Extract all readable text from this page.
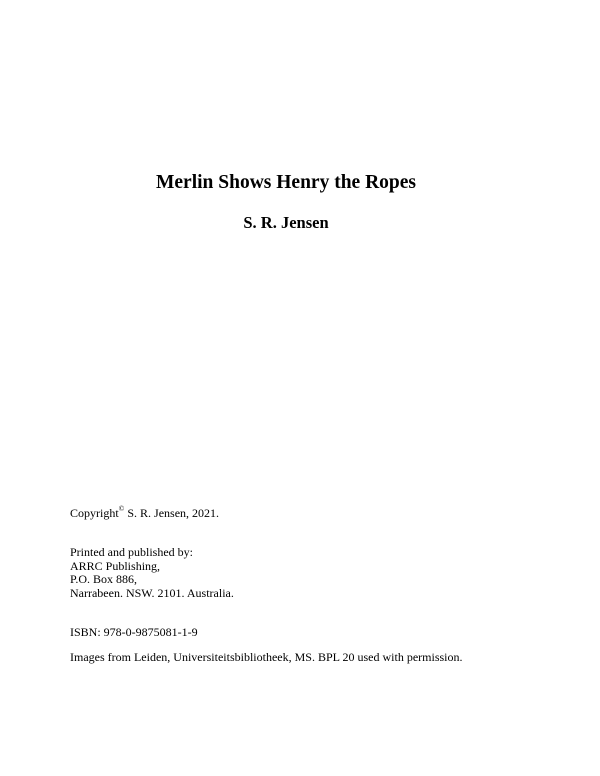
Merlin Shows Henry the Ropes
S. R. Jensen
Copyright© S. R. Jensen, 2021.
Printed and published by:
ARRC Publishing,
P.O. Box 886,
Narrabeen. NSW. 2101. Australia.
ISBN: 978-0-9875081-1-9
Images from Leiden, Universiteitsbibliotheek, MS. BPL 20 used with permission.
